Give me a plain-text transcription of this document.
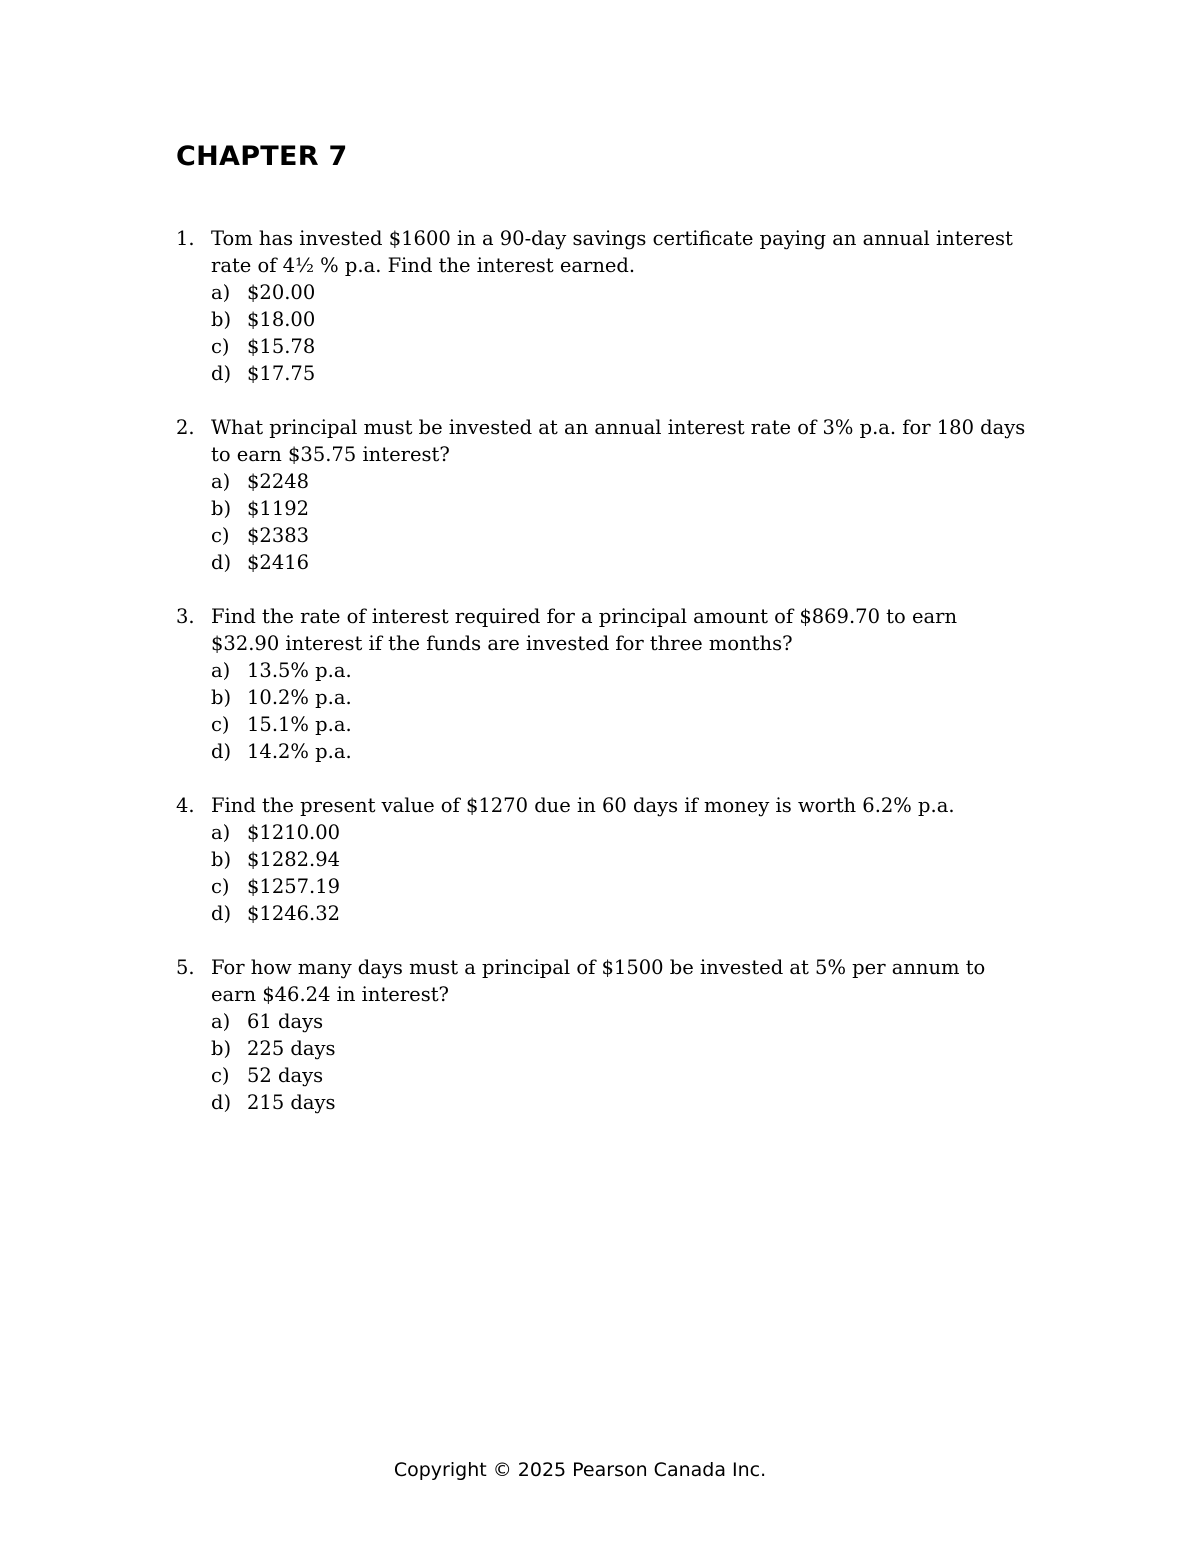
CHAPTER 7
1. Tom has invested $1600 in a 90-day savings certificate paying an annual interest rate of 4½ % p.a. Find the interest earned.
a) $20.00
b) $18.00
c) $15.78
d) $17.75
2. What principal must be invested at an annual interest rate of 3% p.a. for 180 days to earn $35.75 interest?
a) $2248
b) $1192
c) $2383
d) $2416
3. Find the rate of interest required for a principal amount of $869.70 to earn $32.90 interest if the funds are invested for three months?
a) 13.5% p.a.
b) 10.2% p.a.
c) 15.1% p.a.
d) 14.2% p.a.
4. Find the present value of $1270 due in 60 days if money is worth 6.2% p.a.
a) $1210.00
b) $1282.94
c) $1257.19
d) $1246.32
5. For how many days must a principal of $1500 be invested at 5% per annum to earn $46.24 in interest?
a) 61 days
b) 225 days
c) 52 days
d) 215 days
Copyright © 2025 Pearson Canada Inc.
